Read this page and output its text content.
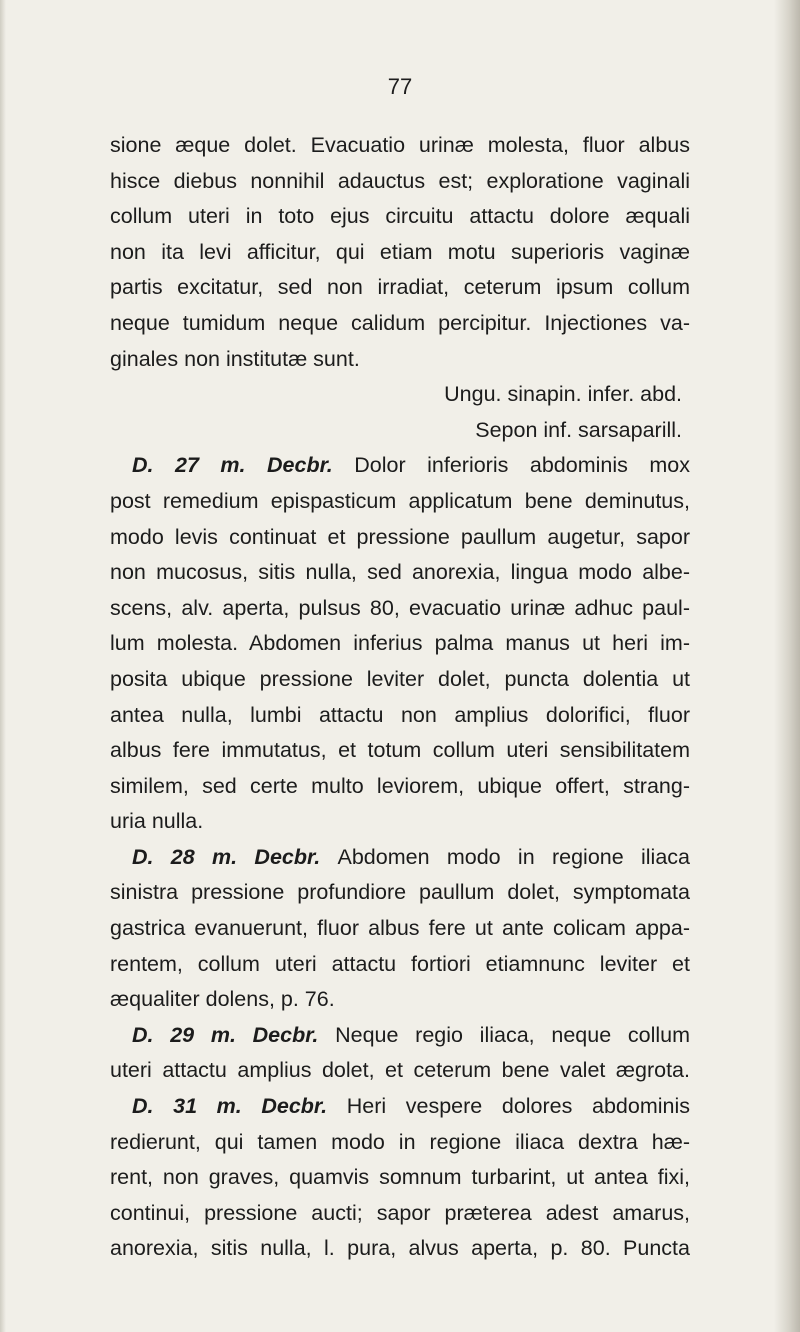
77
sione æque dolet. Evacuatio urinæ molesta, fluor albus
hisce diebus nonnihil adauctus est; exploratione vaginali
collum uteri in toto ejus circuitu attactu dolore æquali
non ita levi afficitur, qui etiam motu superioris vaginæ
partis excitatur, sed non irradiat, ceterum ipsum collum
neque tumidum neque calidum percipitur. Injectiones va-
ginales non institutæ sunt.
Ungu. sinapin. infer. abd.
Sepon inf. sarsaparill.
D. 27 m. Decbr. Dolor inferioris abdominis mox
post remedium epispasticum applicatum bene deminutus,
modo levis continuat et pressione paullum augetur, sapor
non mucosus, sitis nulla, sed anorexia, lingua modo albe-
scens, alv. aperta, pulsus 80, evacuatio urinæ adhuc paul-
lum molesta. Abdomen inferius palma manus ut heri im-
posita ubique pressione leviter dolet, puncta dolentia ut
antea nulla, lumbi attactu non amplius dolorifici, fluor
albus fere immutatus, et totum collum uteri sensibilitatem
similem, sed certe multo leviorem, ubique offert, strang-
uria nulla.
D. 28 m. Decbr. Abdomen modo in regione iliaca
sinistra pressione profundiore paullum dolet, symptomata
gastrica evanuerunt, fluor albus fere ut ante colicam appa-
rentem, collum uteri attactu fortiori etiamnunc leviter et
æqualiter dolens, p. 76.
D. 29 m. Decbr. Neque regio iliaca, neque collum
uteri attactu amplius dolet, et ceterum bene valet ægrota.
D. 31 m. Decbr. Heri vespere dolores abdominis
redierunt, qui tamen modo in regione iliaca dextra hæ-
rent, non graves, quamvis somnum turbarint, ut antea fixi,
continui, pressione aucti; sapor præterea adest amarus,
anorexia, sitis nulla, l. pura, alvus aperta, p. 80. Puncta
